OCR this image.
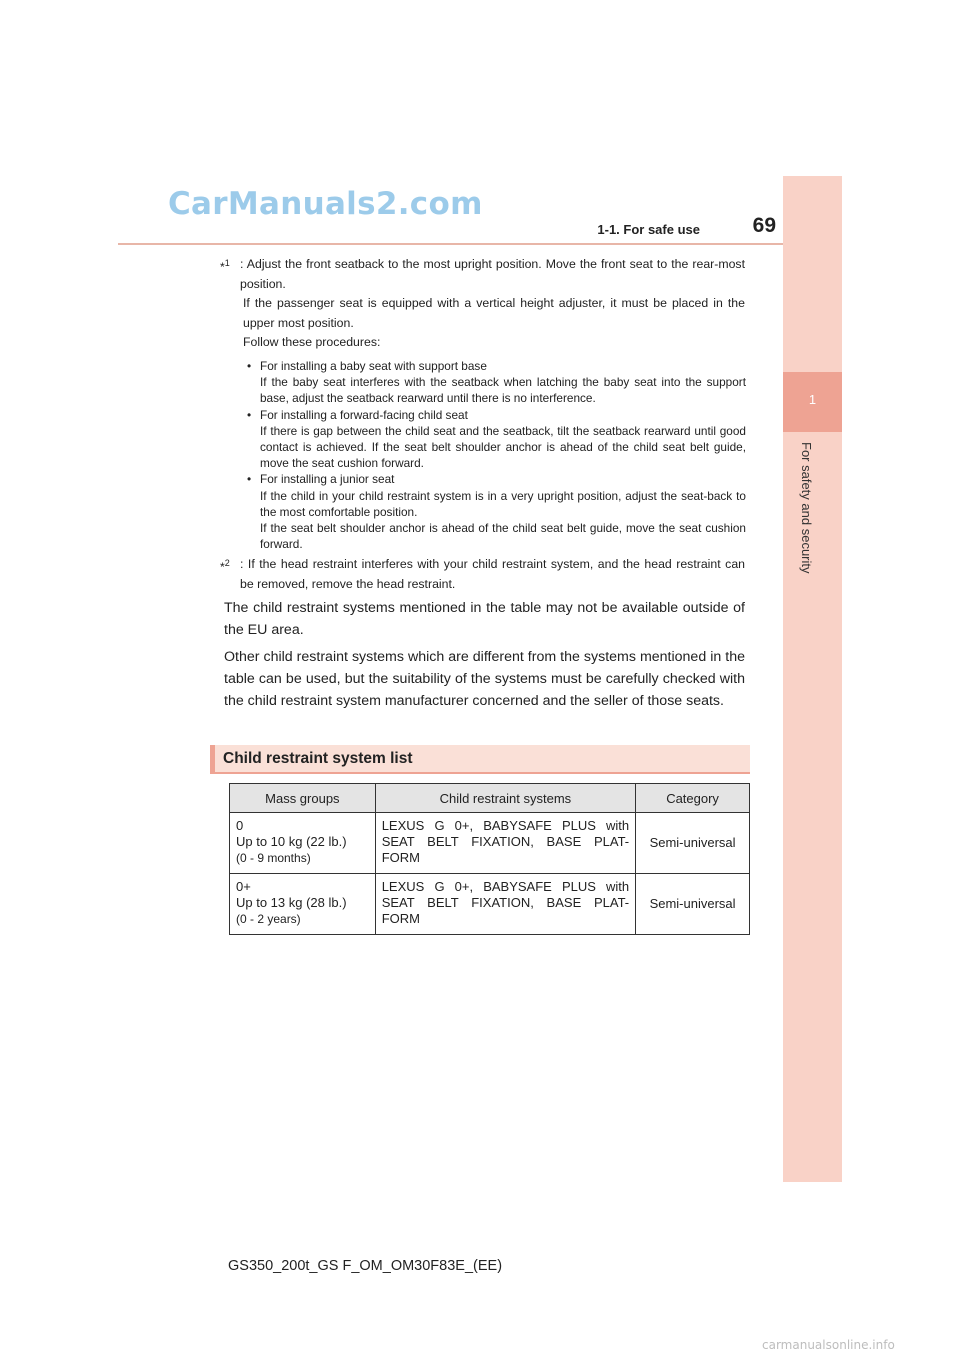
CarManuals2.com
1-1. For safe use	69
1
For safety and security
*$^1$ : Adjust the front seatback to the most upright position. Move the front seat to the rear-most position.

If the passenger seat is equipped with a vertical height adjuster, it must be placed in the upper most position.

Follow these procedures:

• For installing a baby seat with support base
If the baby seat interferes with the seatback when latching the baby seat into the support base, adjust the seatback rearward until there is no interference.
• For installing a forward-facing child seat
If there is gap between the child seat and the seatback, tilt the seatback rearward until good contact is achieved. If the seat belt shoulder anchor is ahead of the child seat belt guide, move the seat cushion forward.
• For installing a junior seat
If the child in your child restraint system is in a very upright position, adjust the seat-back to the most comfortable position.
If the seat belt shoulder anchor is ahead of the child seat belt guide, move the seat cushion forward.
*$^2$ : If the head restraint interferes with your child restraint system, and the head restraint can be removed, remove the head restraint.

The child restraint systems mentioned in the table may not be available outside of the EU area.
Other child restraint systems which are different from the systems mentioned in the table can be used, but the suitability of the systems must be carefully checked with the child restraint system manufacturer concerned and the seller of those seats.
Child restraint system list
Mass groups	Child restraint systems	Category

0
Up to 10 kg (22 lb.)
(0 - 9 months)	LEXUS G 0+, BABYSAFE PLUS with SEAT BELT FIXATION, BASE PLAT-FORM	Semi-universal

0+
Up to 13 kg (28 lb.)
(0 - 2 years)	LEXUS G 0+, BABYSAFE PLUS with SEAT BELT FIXATION, BASE PLAT-FORM	Semi-universal
GS350_200t_GS F_OM_OM30F83E_(EE)
carmanualsonline.info
